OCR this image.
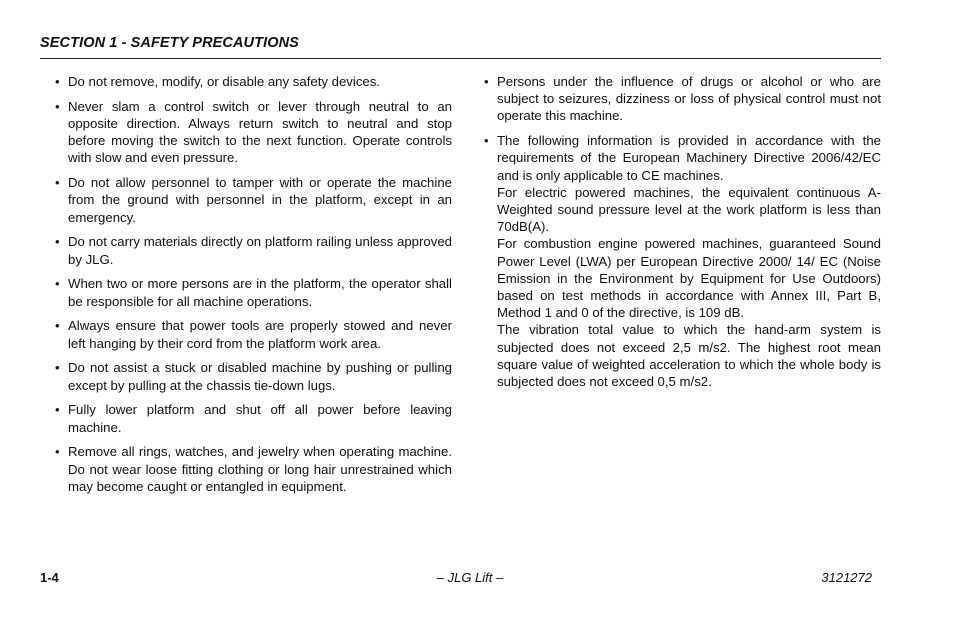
SECTION 1 - SAFETY PRECAUTIONS
• Do not remove, modify, or disable any safety devices.
• Never slam a control switch or lever through neutral to an opposite direction. Always return switch to neutral and stop before moving the switch to the next function. Operate controls with slow and even pressure.
• Do not allow personnel to tamper with or operate the machine from the ground with personnel in the platform, except in an emergency.
• Do not carry materials directly on platform railing unless approved by JLG.
• When two or more persons are in the platform, the operator shall be responsible for all machine operations.
• Always ensure that power tools are properly stowed and never left hanging by their cord from the platform work area.
• Do not assist a stuck or disabled machine by pushing or pulling except by pulling at the chassis tie-down lugs.
• Fully lower platform and shut off all power before leaving machine.
• Remove all rings, watches, and jewelry when operating machine. Do not wear loose fitting clothing or long hair unrestrained which may become caught or entangled in equipment.
• Persons under the influence of drugs or alcohol or who are subject to seizures, dizziness or loss of physical control must not operate this machine.
• The following information is provided in accordance with the requirements of the European Machinery Directive 2006/42/EC and is only applicable to CE machines.
For electric powered machines, the equivalent continuous A-Weighted sound pressure level at the work platform is less than 70dB(A).
For combustion engine powered machines, guaranteed Sound Power Level (LWA) per European Directive 2000/ 14/ EC (Noise Emission in the Environment by Equipment for Use Outdoors) based on test methods in accordance with Annex III, Part B, Method 1 and 0 of the directive, is 109 dB.
The vibration total value to which the hand-arm system is subjected does not exceed 2,5 m/s2. The highest root mean square value of weighted acceleration to which the whole body is subjected does not exceed 0,5 m/s2.
1-4	– JLG Lift –	3121272
